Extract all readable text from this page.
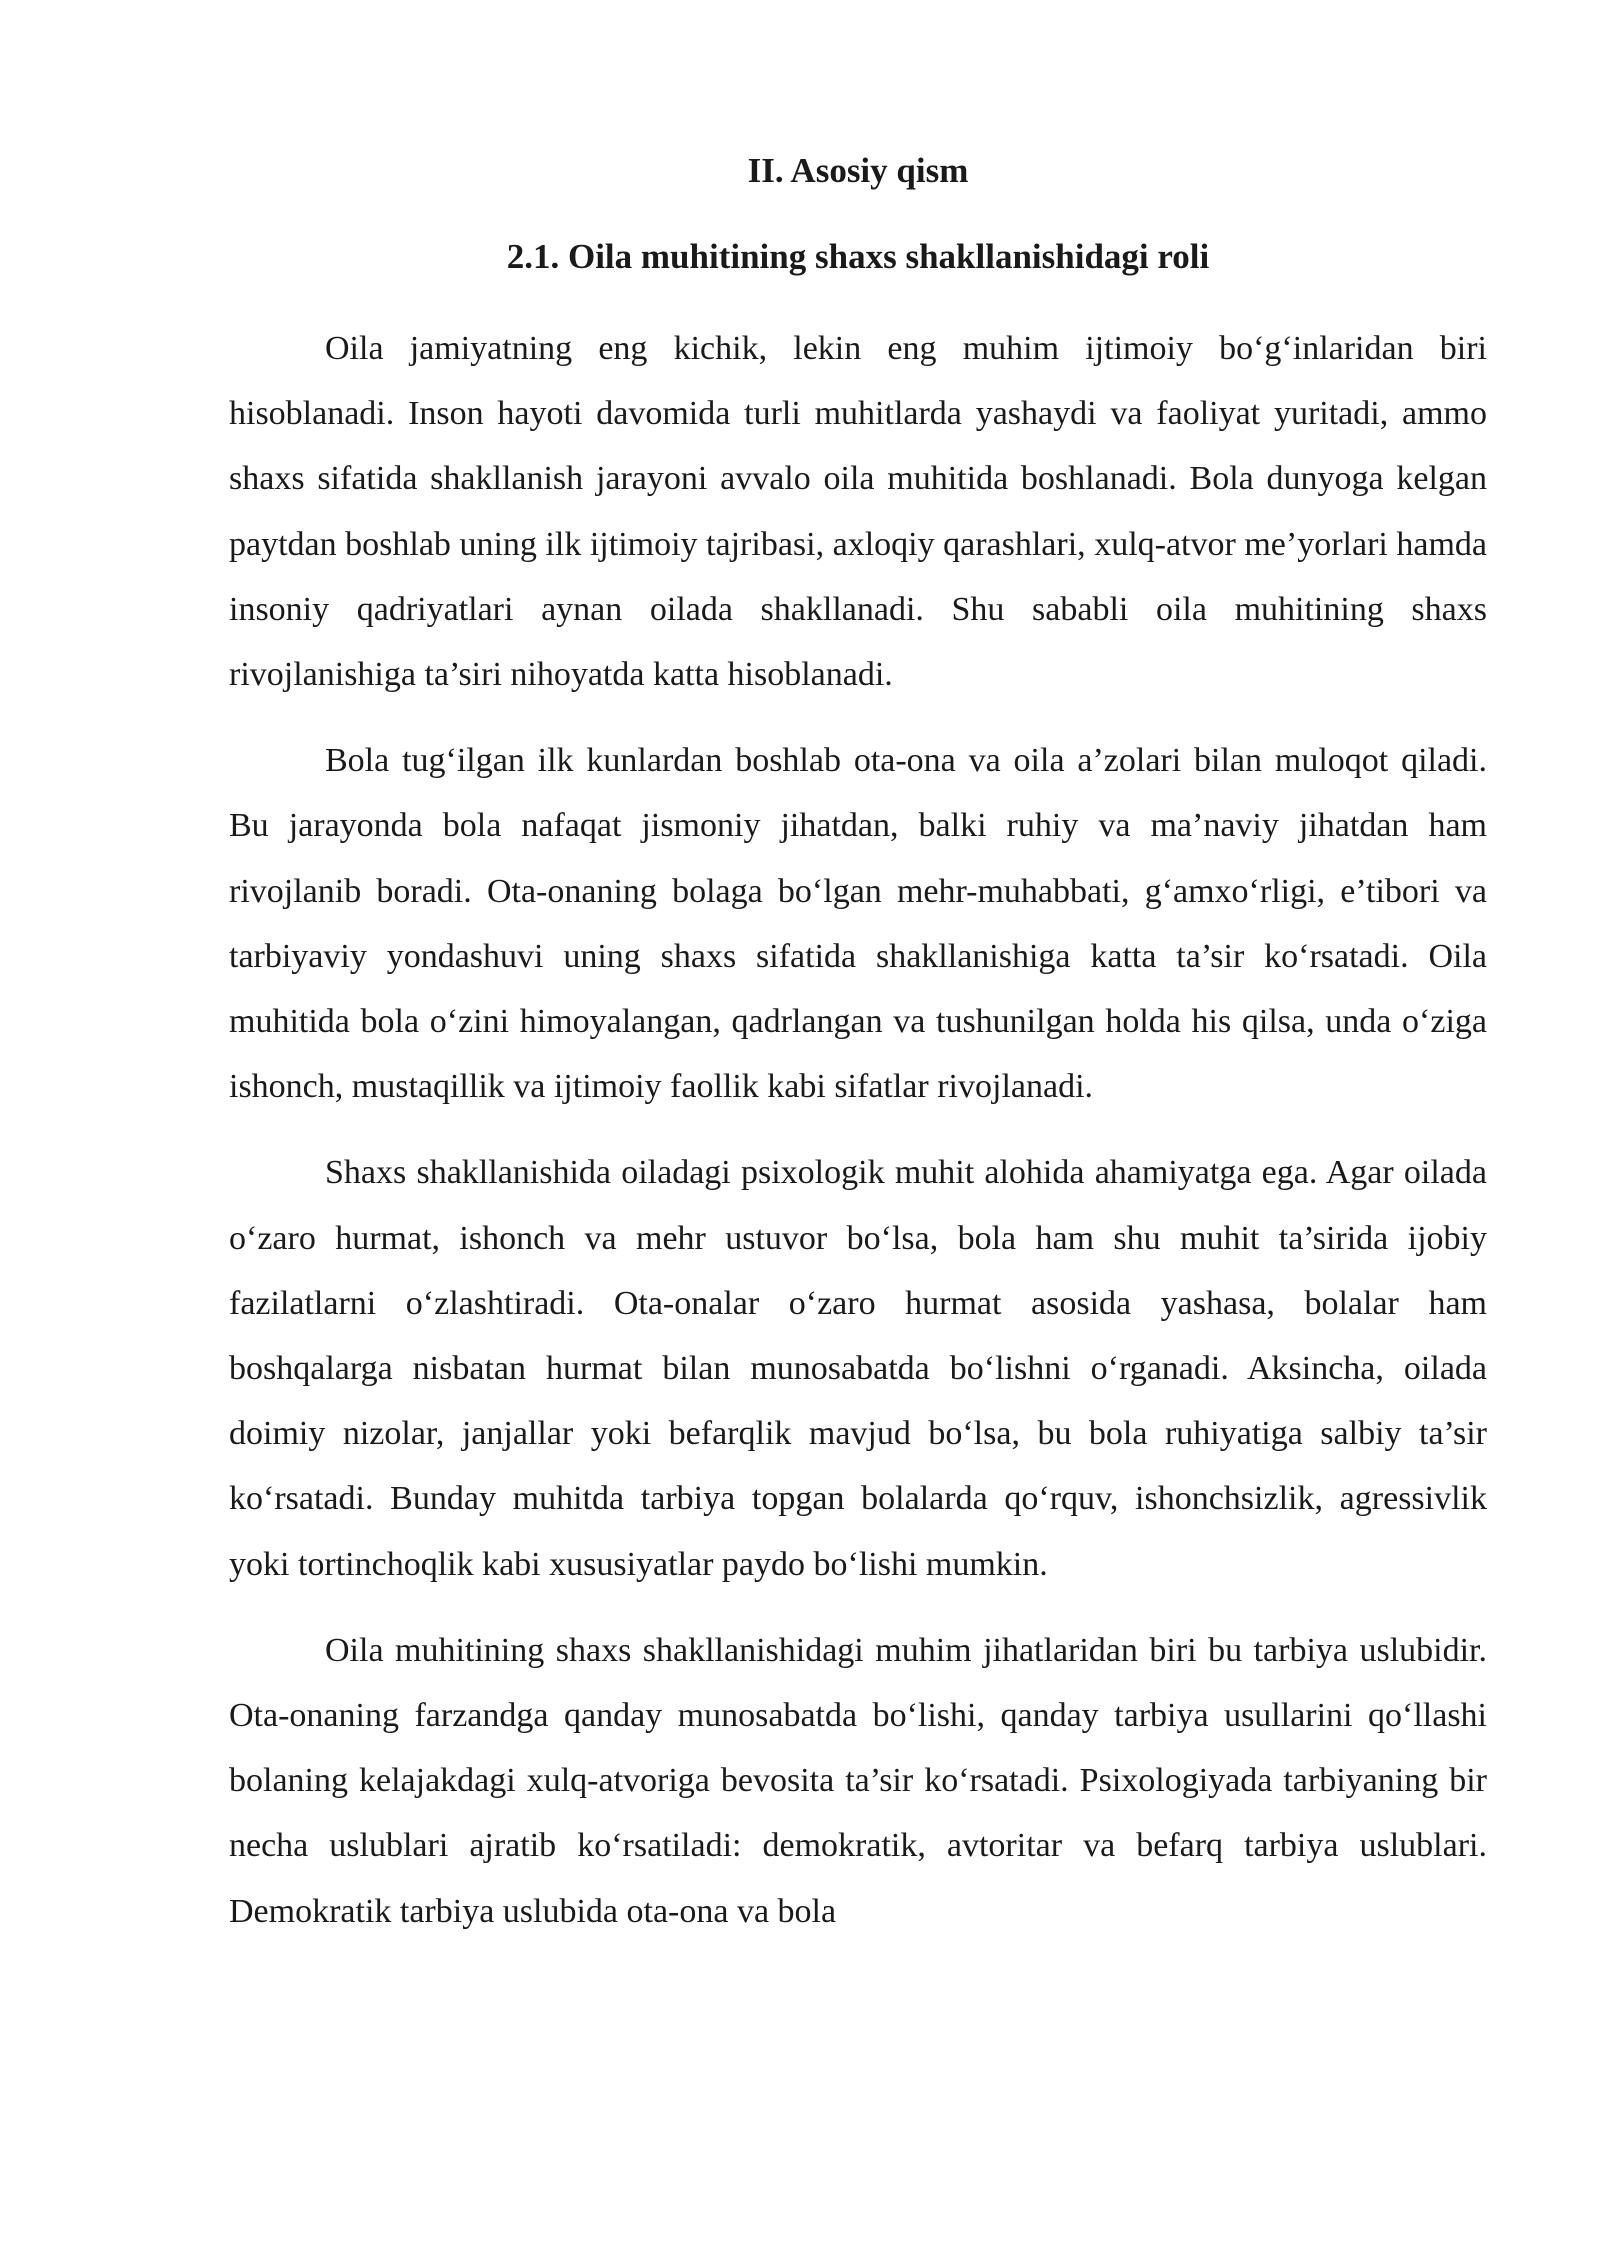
II. Asosiy qism
2.1. Oila muhitining shaxs shakllanishidagi roli

Oila jamiyatning eng kichik, lekin eng muhim ijtimoiy bo‘g‘inlaridan biri hisoblanadi. Inson hayoti davomida turli muhitlarda yashaydi va faoliyat yuritadi, ammo shaxs sifatida shakllanish jarayoni avvalo oila muhitida boshlanadi. Bola dunyoga kelgan paytdan boshlab uning ilk ijtimoiy tajribasi, axloqiy qarashlari, xulq-atvor me’yorlari hamda insoniy qadriyatlari aynan oilada shakllanadi. Shu sababli oila muhitining shaxs rivojlanishiga ta’siri nihoyatda katta hisoblanadi.

Bola tug‘ilgan ilk kunlardan boshlab ota-ona va oila a’zolari bilan muloqot qiladi. Bu jarayonda bola nafaqat jismoniy jihatdan, balki ruhiy va ma’naviy jihatdan ham rivojlanib boradi. Ota-onaning bolaga bo‘lgan mehr-muhabbati, g‘amxo‘rligi, e’tibori va tarbiyaviy yondashuvi uning shaxs sifatida shakllanishiga katta ta’sir ko‘rsatadi. Oila muhitida bola o‘zini himoyalangan, qadrlangan va tushunilgan holda his qilsa, unda o‘ziga ishonch, mustaqillik va ijtimoiy faollik kabi sifatlar rivojlanadi.

Shaxs shakllanishida oiladagi psixologik muhit alohida ahamiyatga ega. Agar oilada o‘zaro hurmat, ishonch va mehr ustuvor bo‘lsa, bola ham shu muhit ta’sirida ijobiy fazilatlarni o‘zlashtiradi. Ota-onalar o‘zaro hurmat asosida yashasa, bolalar ham boshqalarga nisbatan hurmat bilan munosabatda bo‘lishni o‘rganadi. Aksincha, oilada doimiy nizolar, janjallar yoki befarqlik mavjud bo‘lsa, bu bola ruhiyatiga salbiy ta’sir ko‘rsatadi. Bunday muhitda tarbiya topgan bolalarda qo‘rquv, ishonchsizlik, agressivlik yoki tortinchoqlik kabi xususiyatlar paydo bo‘lishi mumkin.

Oila muhitining shaxs shakllanishidagi muhim jihatlaridan biri bu tarbiya uslubidir. Ota-onaning farzandga qanday munosabatda bo‘lishi, qanday tarbiya usullarini qo‘llashi bolaning kelajakdagi xulq-atvoriga bevosita ta’sir ko‘rsatadi. Psixologiyada tarbiyaning bir necha uslublari ajratib ko‘rsatiladi: demokratik, avtoritar va befarq tarbiya uslublari. Demokratik tarbiya uslubida ota-ona va bola
